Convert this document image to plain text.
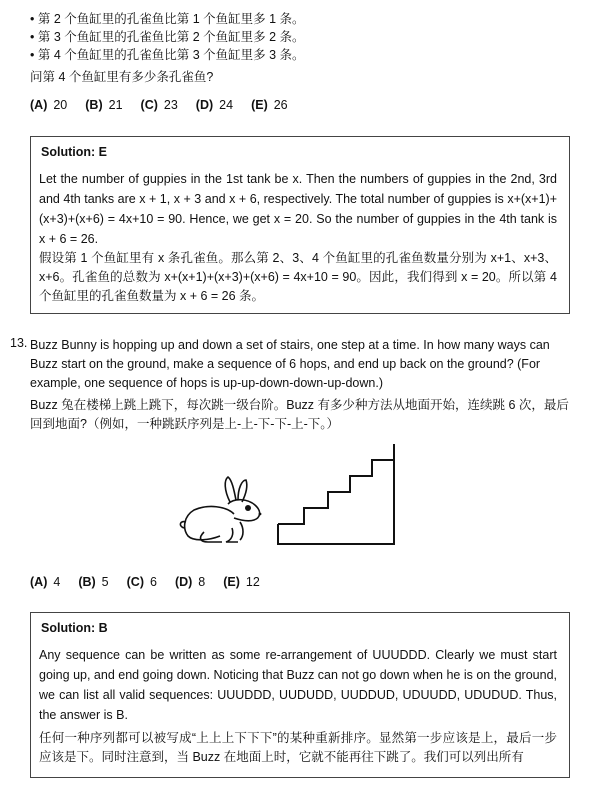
• 第 2 个鱼缸里的孔雀鱼比第 1 个鱼缸里多 1 条。
• 第 3 个鱼缸里的孔雀鱼比第 2 个鱼缸里多 2 条。
• 第 4 个鱼缸里的孔雀鱼比第 3 个鱼缸里多 3 条。
问第 4 个鱼缸里有多少条孔雀鱼?
(A) 20 (B) 21 (C) 23 (D) 24 (E) 26
Solution: E
Let the number of guppies in the 1st tank be x. Then the numbers of guppies in the 2nd, 3rd and 4th tanks are x + 1, x + 3 and x + 6, respectively. The total number of guppies is x+(x+1)+(x+3)+(x+6) = 4x+10 = 90. Hence, we get x = 20. So the number of guppies in the 4th tank is x + 6 = 26.
假设第 1 个鱼缸里有 x 条孔雀鱼。那么第 2、3、4 个鱼缸里的孔雀鱼数量分别为 x+1、x+3、x+6。孔雀鱼的总数为 x+(x+1)+(x+3)+(x+6) = 4x+10 = 90。因此，我们得到 x = 20。所以第 4 个鱼缸里的孔雀鱼数量为 x + 6 = 26 条。
13. Buzz Bunny is hopping up and down a set of stairs, one step at a time. In how many ways can Buzz start on the ground, make a sequence of 6 hops, and end up back on the ground? (For example, one sequence of hops is up-up-down-down-up-down.)
Buzz 兔在楼梯上跳上跳下，每次跳一级台阶。Buzz 有多少种方法从地面开始，连续跳 6 次，最后回到地面?（例如，一种跳跃序列是上-上-下-下-上-下。）
(A) 4 (B) 5 (C) 6 (D) 8 (E) 12
Solution: B
Any sequence can be written as some re-arrangement of UUUDDD. Clearly we must start going up, and end going down. Noticing that Buzz can not go down when he is on the ground, we can list all valid sequences: UUUDDD, UUDUDD, UUDDUD, UDUUDD, UDUDUD. Thus, the answer is B.
任何一种序列都可以被写成“上上上下下下”的某种重新排序。显然第一步应该是上，最后一步应该是下。同时注意到，当 Buzz 在地面上时，它就不能再往下跳了。我们可以列出所有
